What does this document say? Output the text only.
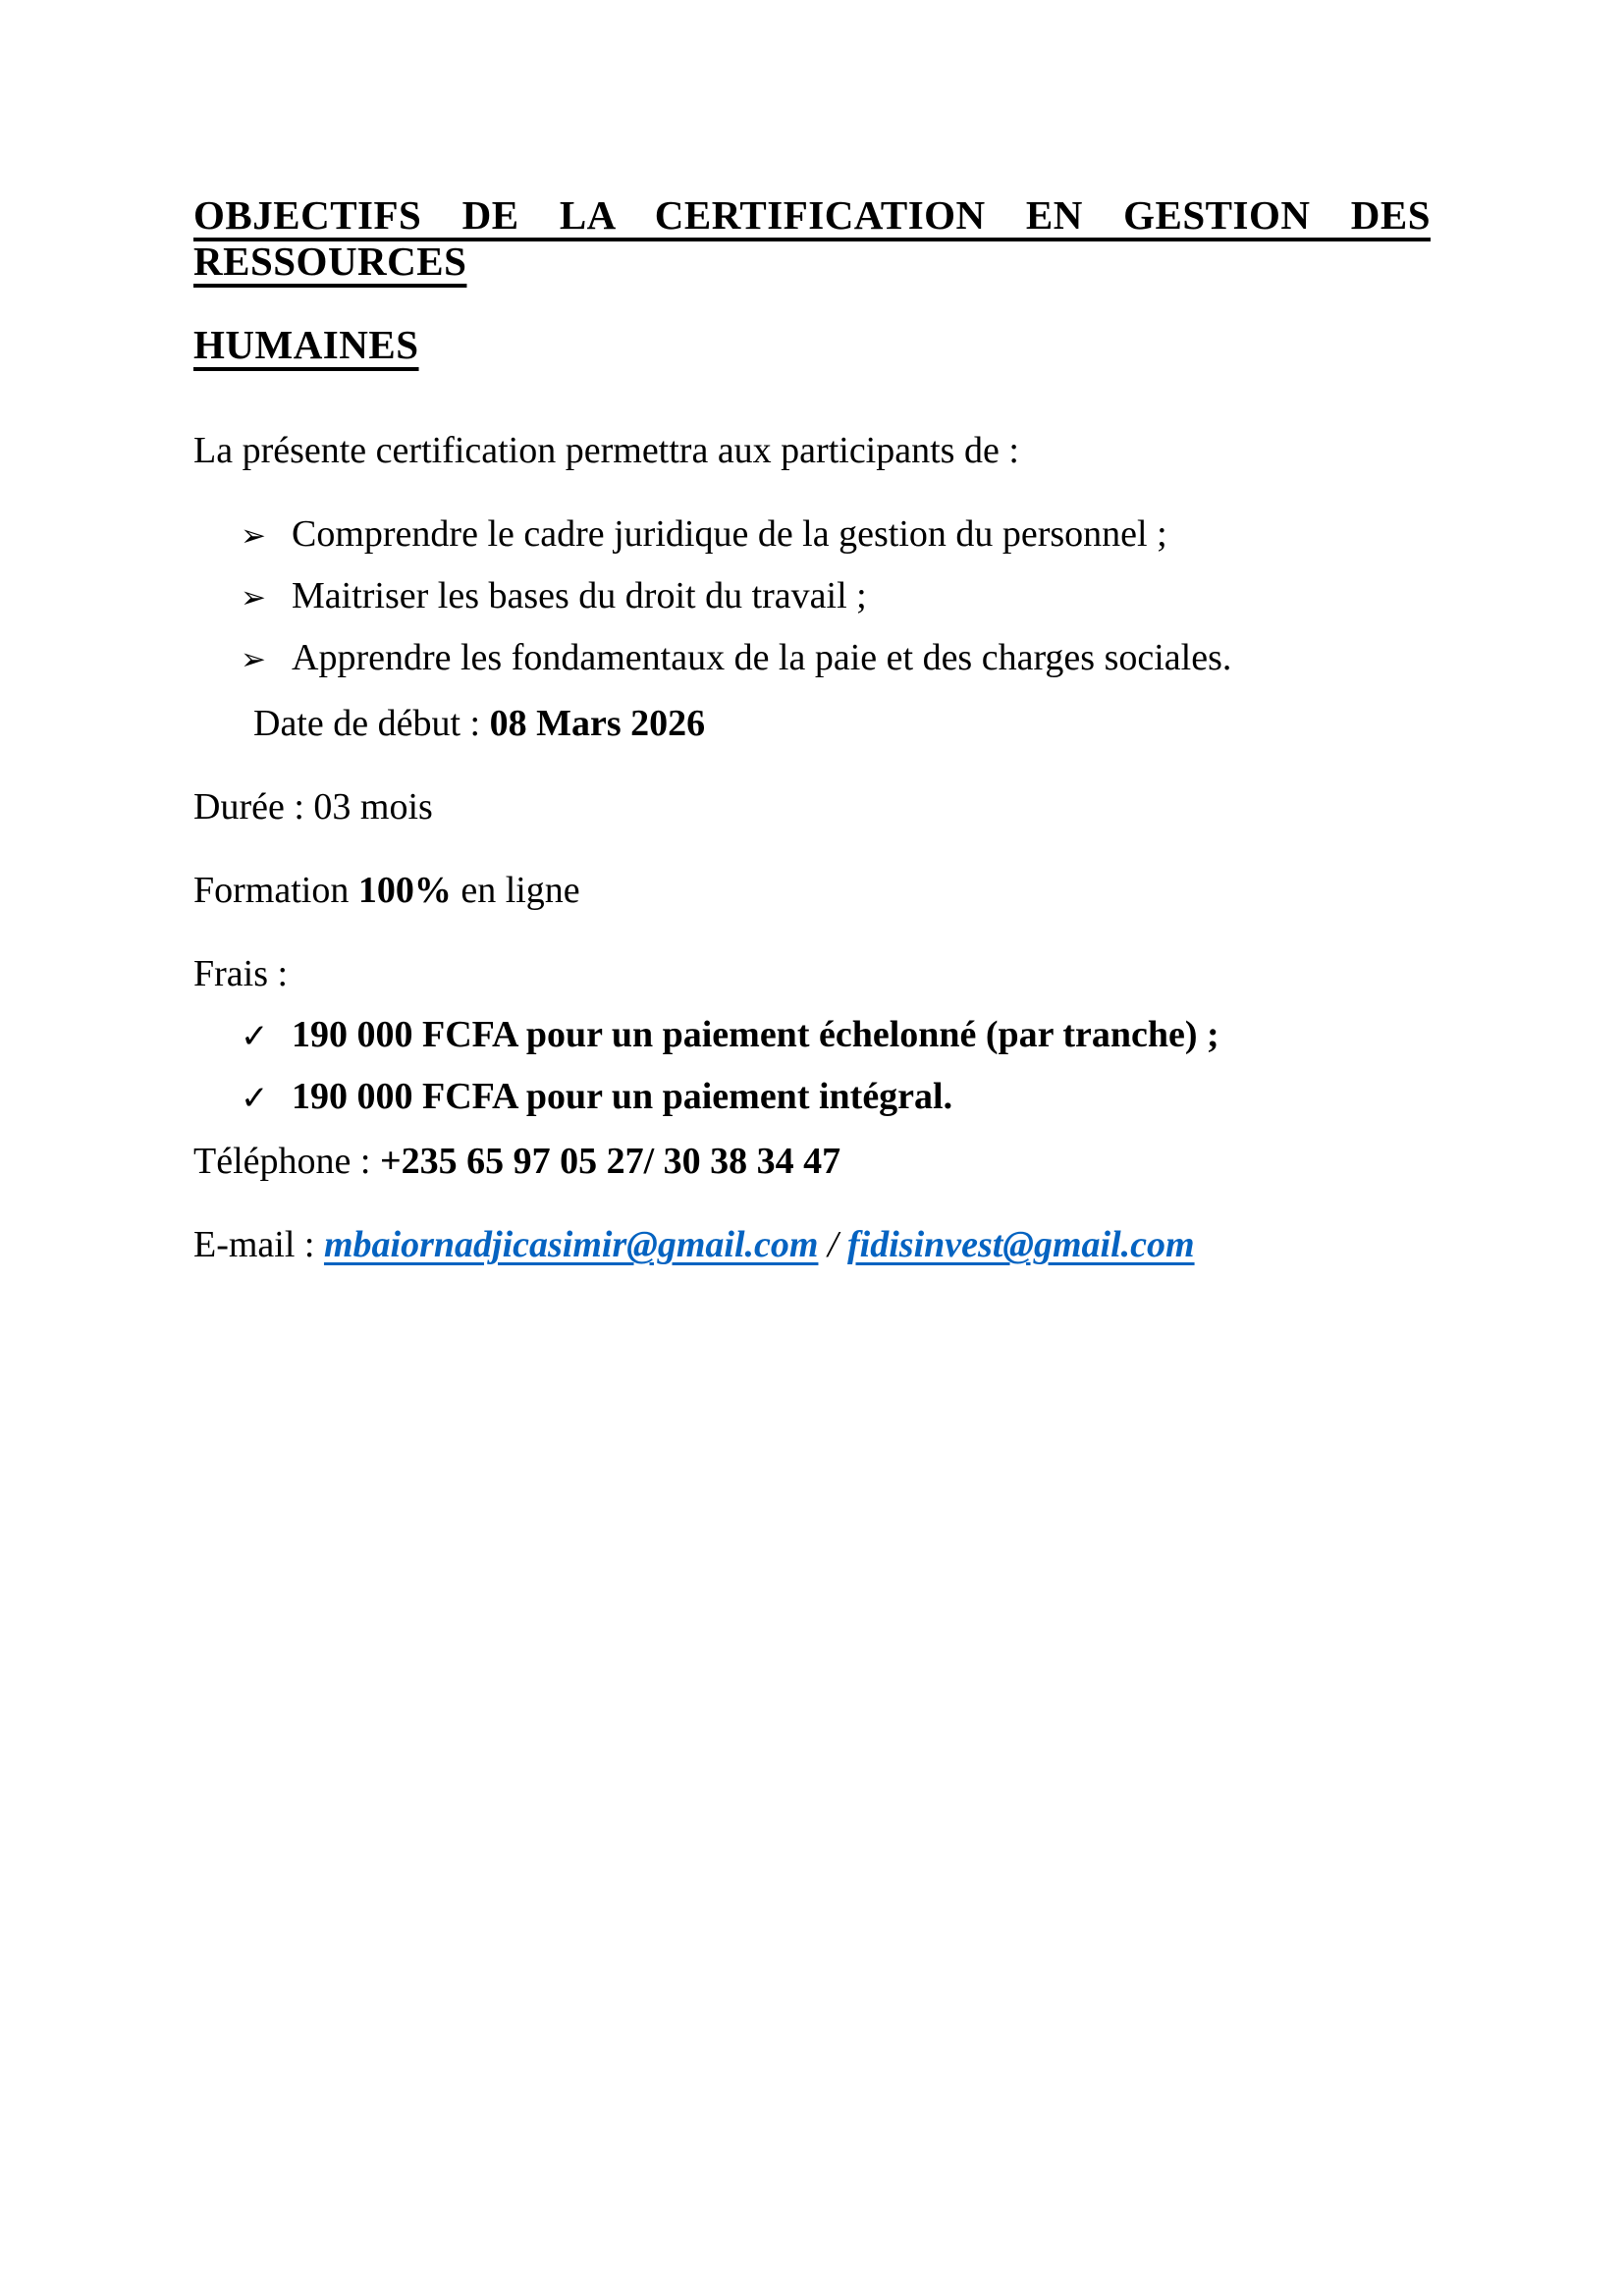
OBJECTIFS DE LA CERTIFICATION EN GESTION DES RESSOURCES
HUMAINES

La présente certification permettra aux participants de :

➢ Comprendre le cadre juridique de la gestion du personnel ;
➢ Maitriser les bases du droit du travail ;
➢ Apprendre les fondamentaux de la paie et des charges sociales.

Date de début : 08 Mars 2026

Durée : 03 mois

Formation 100% en ligne

Frais :

✓ 190 000 FCFA pour un paiement échelonné (par tranche) ;
✓ 190 000 FCFA pour un paiement intégral.

Téléphone : +235 65 97 05 27/ 30 38 34 47

E-mail : mbaiornadjicasimir@gmail.com / fidisinvest@gmail.com
